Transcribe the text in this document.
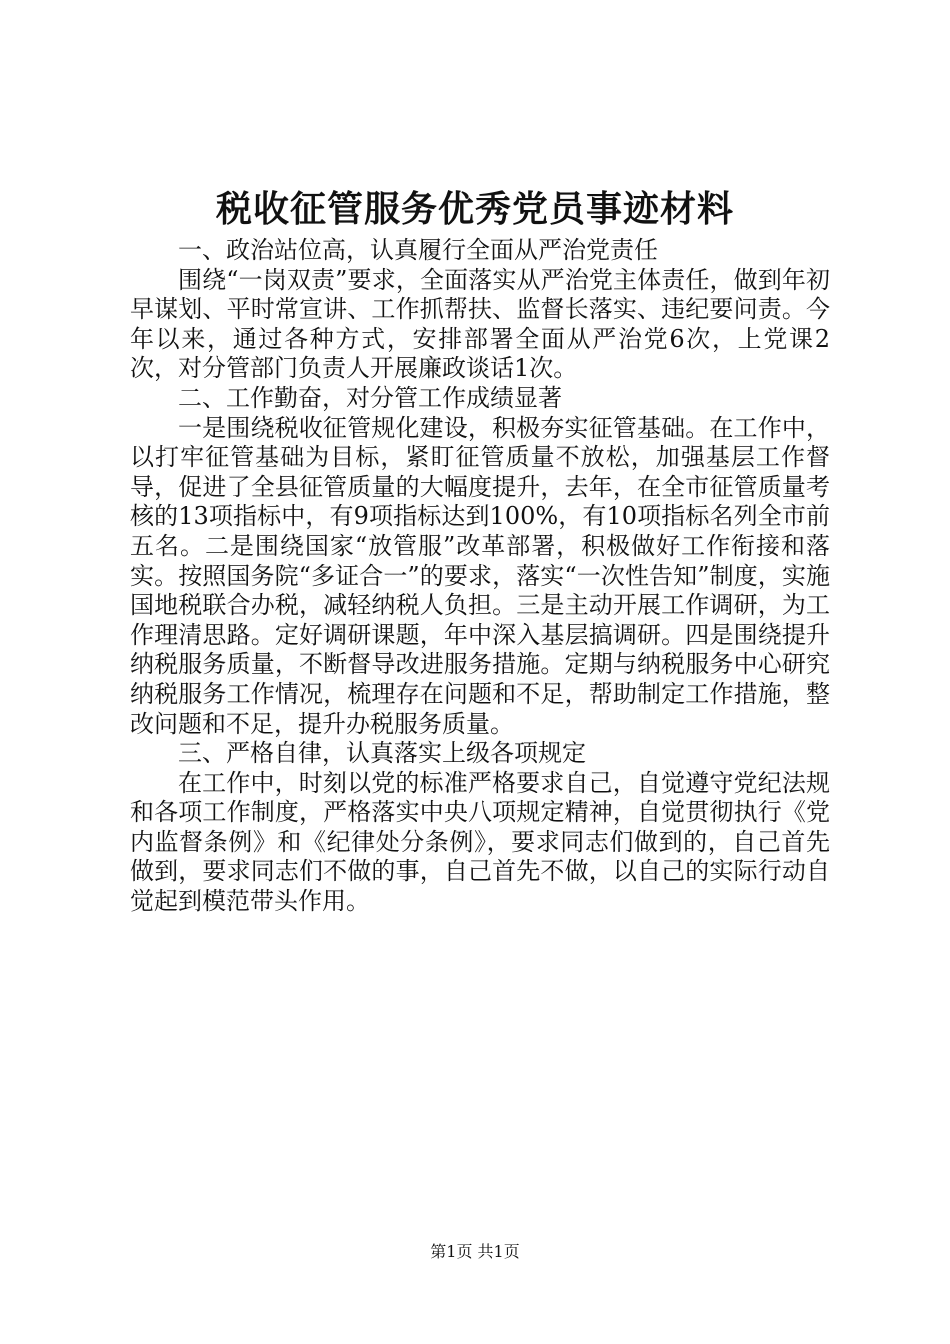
税收征管服务优秀党员事迹材料

一、政治站位高，认真履行全面从严治党责任

围绕“一岗双责”要求，全面落实从严治党主体责任，做到年初早谋划、平时常宣讲、工作抓帮扶、监督长落实、违纪要问责。今年以来，通过各种方式，安排部署全面从严治党6次，上党课2次，对分管部门负责人开展廉政谈话1次。

二、工作勤奋，对分管工作成绩显著

一是围绕税收征管规化建设，积极夯实征管基础。在工作中，以打牢征管基础为目标，紧盯征管质量不放松，加强基层工作督导，促进了全县征管质量的大幅度提升，去年，在全市征管质量考核的13项指标中，有9项指标达到100%，有10项指标名列全市前五名。二是围绕国家“放管服”改革部署，积极做好工作衔接和落实。按照国务院“多证合一”的要求，落实“一次性告知”制度，实施国地税联合办税，减轻纳税人负担。三是主动开展工作调研，为工作理清思路。定好调研课题，年中深入基层搞调研。四是围绕提升纳税服务质量，不断督导改进服务措施。定期与纳税服务中心研究纳税服务工作情况，梳理存在问题和不足，帮助制定工作措施，整改问题和不足，提升办税服务质量。

三、严格自律，认真落实上级各项规定

在工作中，时刻以党的标准严格要求自己，自觉遵守党纪法规和各项工作制度，严格落实中央八项规定精神，自觉贯彻执行《党内监督条例》和《纪律处分条例》，要求同志们做到的，自己首先做到，要求同志们不做的事，自己首先不做，以自己的实际行动自觉起到模范带头作用。

第1页 共1页
